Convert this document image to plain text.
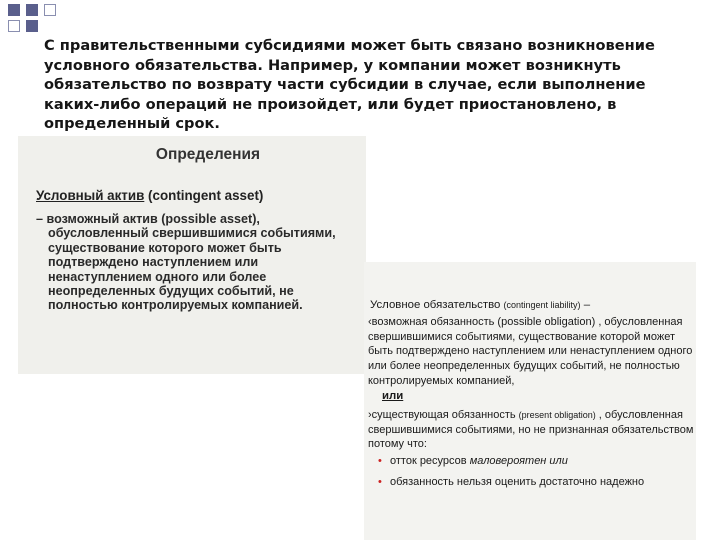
С правительственными субсидиями может быть связано возникновение условного обязательства. Например, у компании может возникнуть обязательство по возврату части субсидии в случае, если выполнение каких-либо операций не произойдет, или будет приостановлено, в определенный срок.

Определения
Условный актив (contingent asset)

– возможный актив (possible asset),
обусловленный свершившимися событиями, существование которого может быть подтверждено наступлением или ненаступлением одного или более неопределенных будущих событий, не полностью контролируемых компанией.	Условное обязательство (contingent liability) –
‹возможная обязанность (possible obligation) , обусловленная свершившимися событиями, существование которой может быть подтверждено наступлением или ненаступлением одного или более неопределенных будущих событий, не полностью контролируемых компанией,
или
›существующая обязанность (present obligation) , обусловленная свершившимися событиями, но не признанная обязательством потому что:
• отток ресурсов маловероятен или
• обязанность нельзя оценить достаточно надежно
